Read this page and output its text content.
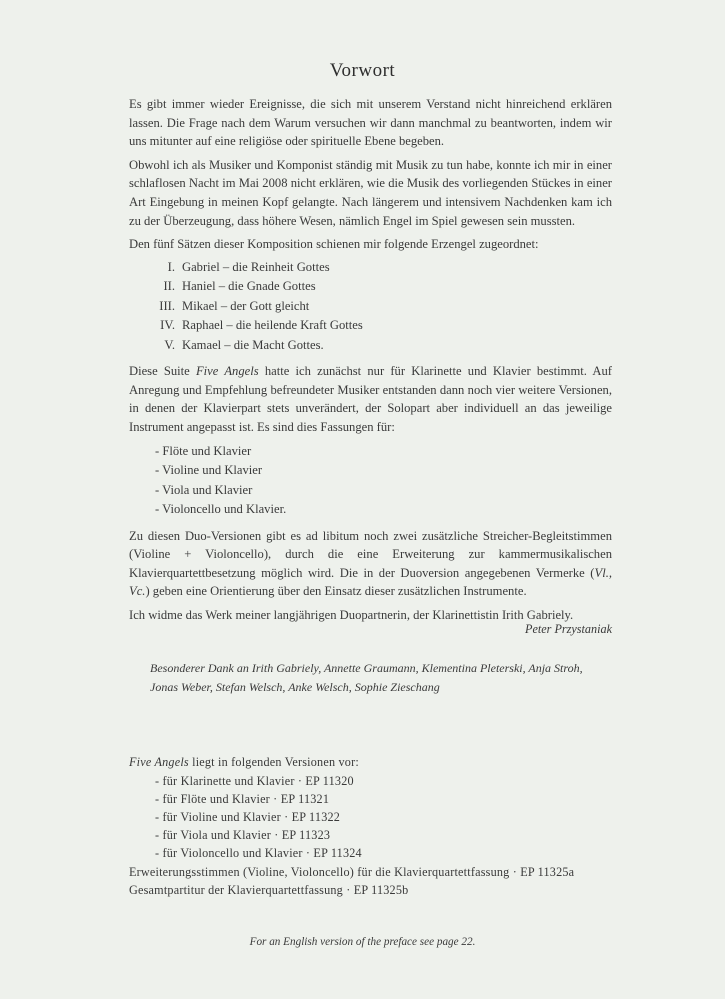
Vorwort

Es gibt immer wieder Ereignisse, die sich mit unserem Verstand nicht hinreichend erklären lassen. Die Frage nach dem Warum versuchen wir dann manchmal zu beantworten, indem wir uns mitunter auf eine religiöse oder spirituelle Ebene begeben.

Obwohl ich als Musiker und Komponist ständig mit Musik zu tun habe, konnte ich mir in einer schlaflosen Nacht im Mai 2008 nicht erklären, wie die Musik des vorliegenden Stückes in einer Art Eingebung in meinen Kopf gelangte. Nach längerem und intensivem Nachdenken kam ich zu der Überzeugung, dass höhere Wesen, nämlich Engel im Spiel gewesen sein mussten.

Den fünf Sätzen dieser Komposition schienen mir folgende Erzengel zugeordnet:

I. Gabriel – die Reinheit Gottes
II. Haniel – die Gnade Gottes
III. Mikael – der Gott gleicht
IV. Raphael – die heilende Kraft Gottes
V. Kamael – die Macht Gottes.

Diese Suite Five Angels hatte ich zunächst nur für Klarinette und Klavier bestimmt. Auf Anregung und Empfehlung befreundeter Musiker entstanden dann noch vier weitere Versionen, in denen der Klavierpart stets unverändert, der Solopart aber individuell an das jeweilige Instrument angepasst ist. Es sind dies Fassungen für:

- Flöte und Klavier
- Violine und Klavier
- Viola und Klavier
- Violoncello und Klavier.

Zu diesen Duo-Versionen gibt es ad libitum noch zwei zusätzliche Streicher-Begleitstimmen (Violine + Violoncello), durch die eine Erweiterung zur kammermusikalischen Klavierquartettbesetzung möglich wird. Die in der Duoversion angegebenen Vermerke (Vl., Vc.) geben eine Orientierung über den Einsatz dieser zusätzlichen Instrumente.

Ich widme das Werk meiner langjährigen Duopartnerin, der Klarinettistin Irith Gabriely.

Peter Przystaniak
Besonderer Dank an Irith Gabriely, Annette Graumann, Klementina Pleterski, Anja Stroh,
Jonas Weber, Stefan Welsch, Anke Welsch, Sophie Zieschang
Five Angels liegt in folgenden Versionen vor:
- für Klarinette und Klavier · EP 11320
- für Flöte und Klavier · EP 11321
- für Violine und Klavier · EP 11322
- für Viola und Klavier · EP 11323
- für Violoncello und Klavier · EP 11324
Erweiterungsstimmen (Violine, Violoncello) für die Klavierquartettfassung · EP 11325a
Gesamtpartitur der Klavierquartettfassung · EP 11325b
For an English version of the preface see page 22.
